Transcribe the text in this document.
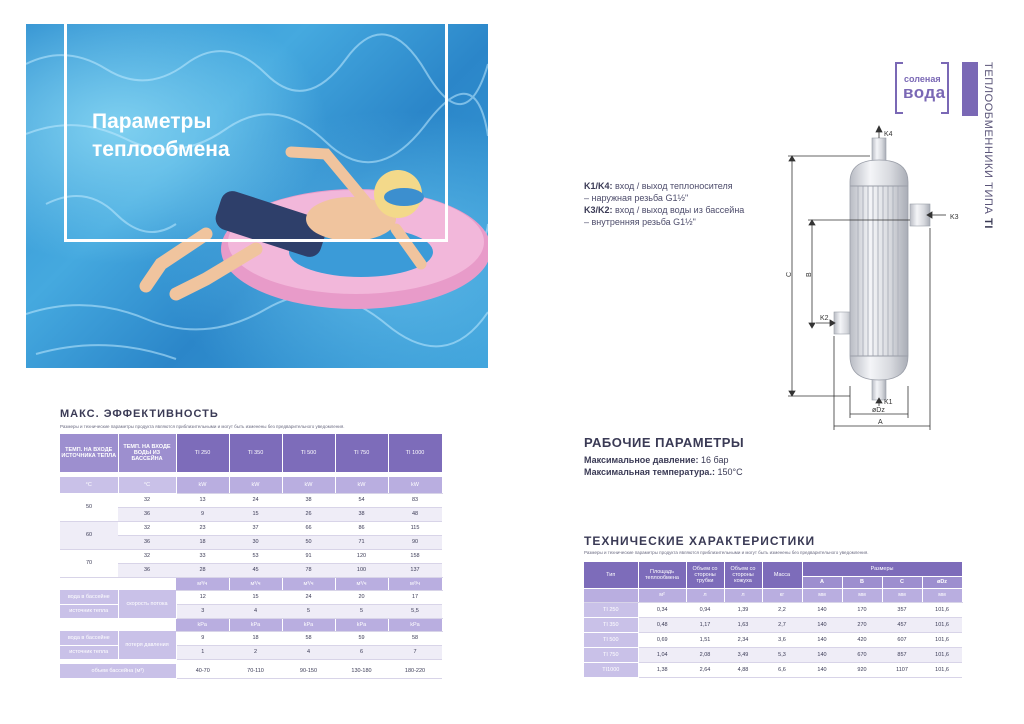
Параметры
теплообмена
соленая
вода	ТЕПЛООБМЕННИКИ ТИПА TI
K1/K4: вход / выход теплоносителя
– наружная резьба G1½"
K3/K2: вход / выход воды из бассейна
– внутренняя резьба G1½"
K4
K3
K2
K1
B
C
øDz
A
РАБОЧИЕ ПАРАМЕТРЫ
Максимальное давление: 16 бар
Максимальная температура.: 150°C
МАКС. ЭФФЕКТИВНОСТЬ
Размеры и технические параметры продукта являются приблизительными и могут быть изменены без предварительного уведомления.
ТЕМП. НА ВХОДЕ ИСТОЧНИКА ТЕПЛА	ТЕМП. НА ВХОДЕ ВОДЫ ИЗ БАССЕЙНА	TI 250	TI 350	TI 500	TI 750	TI 1000

°C	°C	kW	kW	kW	kW	kW
50	32	13	24	38	54	83
	36	9	15	26	38	48
60	32	23	37	66	86	115
	36	18	30	50	71	90
70	32	33	53	91	120	158
	36	28	45	78	100	137
		м³/ч	м³/ч	м³/ч	м³/ч	м³/ч
вода в бассейне	скорость потока	12	15	24	20	17
источник тепла		3	4	5	5	5,5
		kPa	kPa	kPa	kPa	kPa
вода в бассейне	потеря давления	9	18	58	59	58
источник тепла		1	2	4	6	7

объем бассейна (м³)		40-70	70-110	90-150	130-180	180-220
ТЕХНИЧЕСКИЕ ХАРАКТЕРИСТИКИ
Размеры и технические параметры продукта являются приблизительными и могут быть изменены без предварительного уведомления.
Тип	Площадь теплообмена	Объем со стороны трубки	Объем со стороны кожуха	Масса	Размеры			
					A	B	C	øDz
	м²	л	л	кг	мм	мм	мм	мм
TI 250	0,34	0,94	1,39	2,2	140	170	357	101,6
TI 350	0,48	1,17	1,63	2,7	140	270	457	101,6
TI 500	0,69	1,51	2,34	3,6	140	420	607	101,6
TI 750	1,04	2,08	3,49	5,3	140	670	857	101,6
TI1000	1,38	2,64	4,88	6,6	140	920	1107	101,6
